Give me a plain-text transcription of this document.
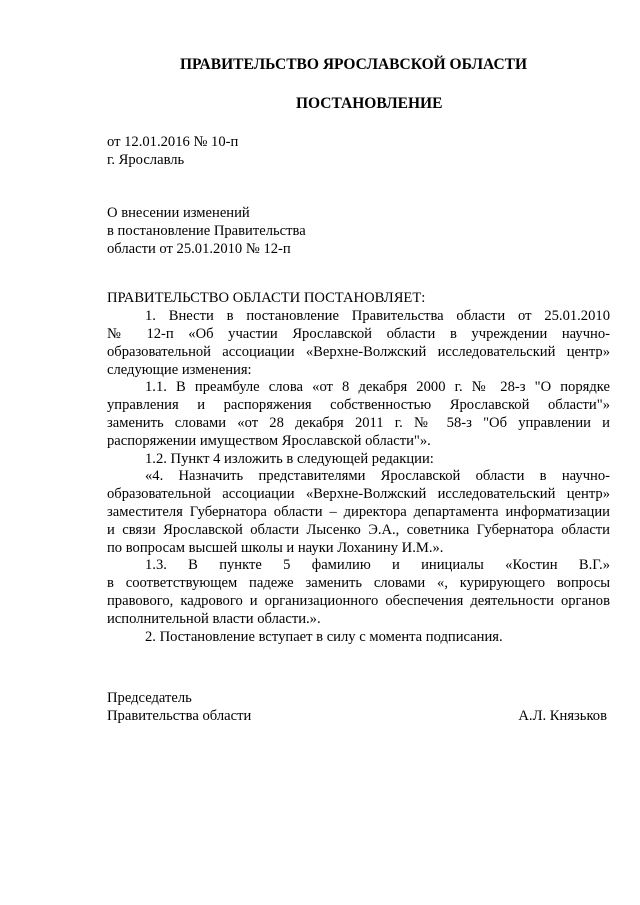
ПРАВИТЕЛЬСТВО ЯРОСЛАВСКОЙ ОБЛАСТИ
ПОСТАНОВЛЕНИЕ
от 12.01.2016 № 10-п
г. Ярославль
О внесении изменений
в постановление Правительства
области от 25.01.2010 № 12-п
ПРАВИТЕЛЬСТВО ОБЛАСТИ ПОСТАНОВЛЯЕТ:
1. Внести в постановление Правительства области от 25.01.2010
№ 12-п «Об участии Ярославской области в учреждении научно-
образовательной ассоциации «Верхне-Волжский исследовательский центр»
следующие изменения:
1.1. В преамбуле слова «от 8 декабря 2000 г. № 28-з "О порядке
управления и распоряжения собственностью Ярославской области"»
заменить словами «от 28 декабря 2011 г. № 58-з "Об управлении и
распоряжении имуществом Ярославской области"».
1.2. Пункт 4 изложить в следующей редакции:
«4. Назначить представителями Ярославской области в научно-
образовательной ассоциации «Верхне-Волжский исследовательский центр»
заместителя Губернатора области – директора департамента информатизации
и связи Ярославской области Лысенко Э.А., советника Губернатора области
по вопросам высшей школы и науки Лоханину И.М.».
1.3. В пункте 5 фамилию и инициалы «Костин В.Г.»
в соответствующем падеже заменить словами «, курирующего вопросы
правового, кадрового и организационного обеспечения деятельности органов
исполнительной власти области.».
2. Постановление вступает в силу с момента подписания.
Председатель
Правительства области	А.Л. Князьков
